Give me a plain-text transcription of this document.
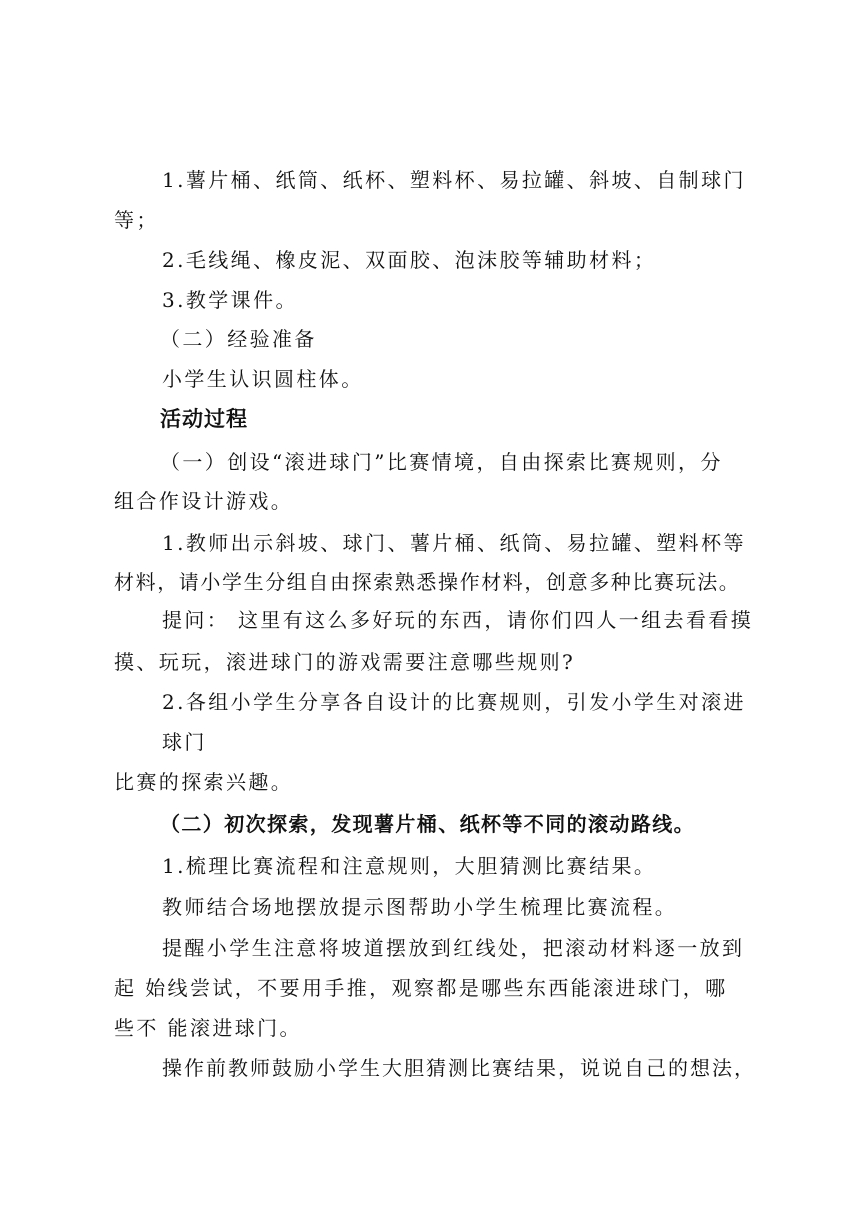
1.薯片桶、纸筒、纸杯、塑料杯、易拉罐、斜坡、自制球门

等；

2.毛线绳、橡皮泥、双面胶、泡沫胶等辅助材料；

3.教学课件。

（二）经验准备

小学生认识圆柱体。

活动过程

（一）创设“滚进球门”比赛情境，自由探索比赛规则，分

组合作设计游戏。

1.教师出示斜坡、球门、薯片桶、纸筒、易拉罐、塑料杯等

材料，请小学生分组自由探索熟悉操作材料，创意多种比赛玩法。

提问： 这里有这么多好玩的东西，请你们四人一组去看看摸

摸、玩玩，滚进球门的游戏需要注意哪些规则?

2.各组小学生分享各自设计的比赛规则，引发小学生对滚进

球门

比赛的探索兴趣。

（二）初次探索，发现薯片桶、纸杯等不同的滚动路线。

1.梳理比赛流程和注意规则，大胆猜测比赛结果。

教师结合场地摆放提示图帮助小学生梳理比赛流程。

提醒小学生注意将坡道摆放到红线处，把滚动材料逐一放到

起 始线尝试，不要用手推，观察都是哪些东西能滚进球门，哪

些不 能滚进球门。

操作前教师鼓励小学生大胆猜测比赛结果，说说自己的想法，
